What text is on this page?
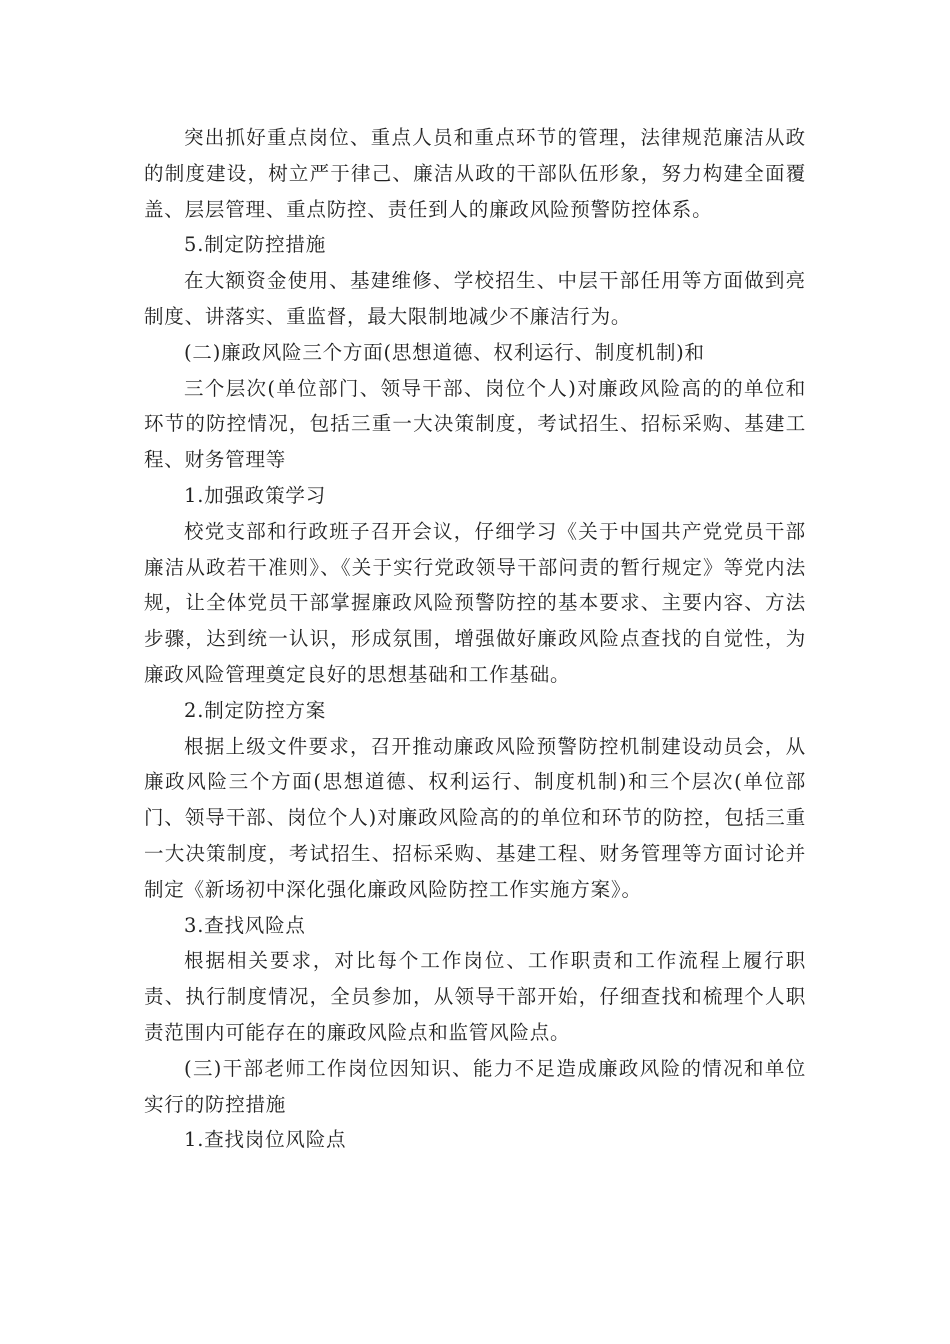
突出抓好重点岗位、重点人员和重点环节的管理，法律规范廉洁从政的制度建设，树立严于律己、廉洁从政的干部队伍形象，努力构建全面覆盖、层层管理、重点防控、责任到人的廉政风险预警防控体系。

5.制定防控措施

在大额资金使用、基建维修、学校招生、中层干部任用等方面做到亮制度、讲落实、重监督，最大限制地减少不廉洁行为。

(二)廉政风险三个方面(思想道德、权利运行、制度机制)和

三个层次(单位部门、领导干部、岗位个人)对廉政风险高的的单位和环节的防控情况，包括三重一大决策制度，考试招生、招标采购、基建工程、财务管理等

1.加强政策学习

校党支部和行政班子召开会议，仔细学习《关于中国共产党党员干部廉洁从政若干准则》、《关于实行党政领导干部问责的暂行规定》等党内法规，让全体党员干部掌握廉政风险预警防控的基本要求、主要内容、方法步骤，达到统一认识，形成氛围，增强做好廉政风险点查找的自觉性，为廉政风险管理奠定良好的思想基础和工作基础。

2.制定防控方案

根据上级文件要求，召开推动廉政风险预警防控机制建设动员会，从廉政风险三个方面(思想道德、权利运行、制度机制)和三个层次(单位部门、领导干部、岗位个人)对廉政风险高的的单位和环节的防控，包括三重一大决策制度，考试招生、招标采购、基建工程、财务管理等方面讨论并制定《新场初中深化强化廉政风险防控工作实施方案》。

3.查找风险点

根据相关要求，对比每个工作岗位、工作职责和工作流程上履行职责、执行制度情况，全员参加，从领导干部开始，仔细查找和梳理个人职责范围内可能存在的廉政风险点和监管风险点。

(三)干部老师工作岗位因知识、能力不足造成廉政风险的情况和单位实行的防控措施

1.查找岗位风险点
